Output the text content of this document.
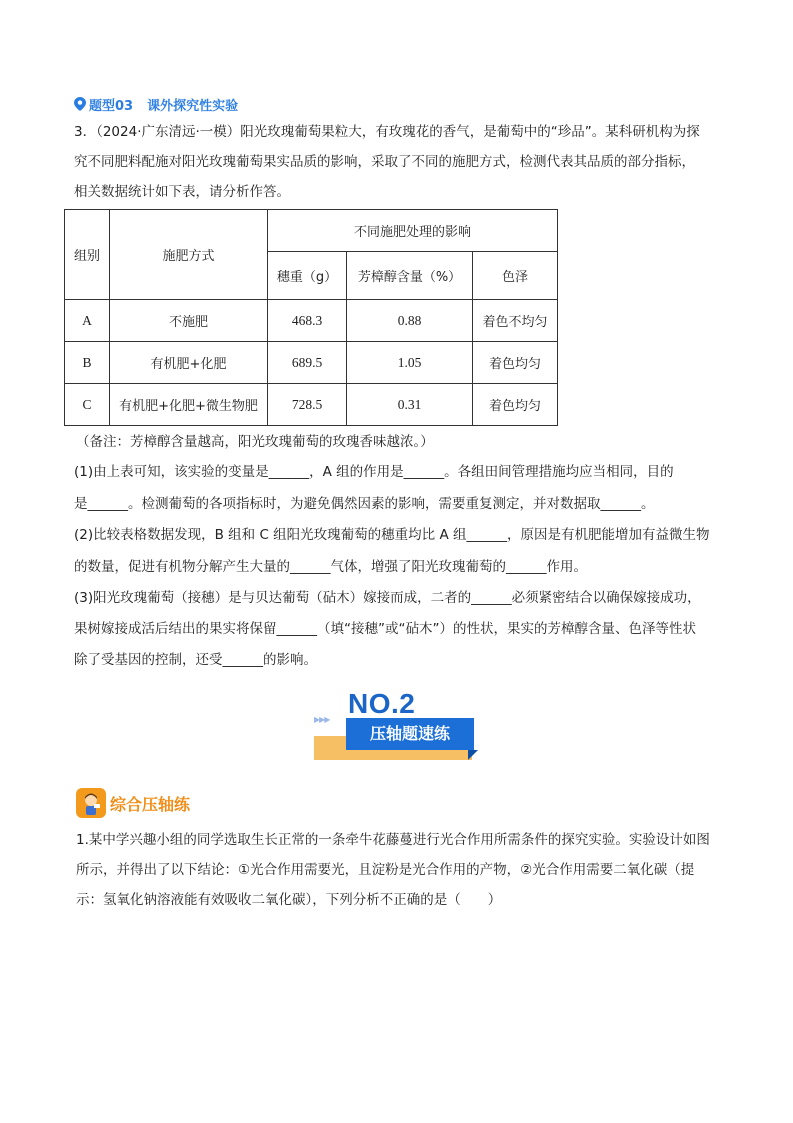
题型03 课外探究性实验
3．（2024·广东清远·一模）阳光玫瑰葡萄果粒大，有玫瑰花的香气，是葡萄中的“珍品”。某科研机构为探
究不同肥料配施对阳光玫瑰葡萄果实品质的影响，采取了不同的施肥方式，检测代表其品质的部分指标，
相关数据统计如下表，请分析作答。
组别	施肥方式	不同施肥处理的影响		
		穗重（g）	芳樟醇含量（%）	色泽
A	不施肥	468.3	0.88	着色不均匀
B	有机肥+化肥	689.5	1.05	着色均匀
C	有机肥+化肥+微生物肥	728.5	0.31	着色均匀
（备注：芳樟醇含量越高，阳光玫瑰葡萄的玫瑰香味越浓。）
(1)由上表可知，该实验的变量是______，A 组的作用是______。各组田间管理措施均应当相同，目的
是______。检测葡萄的各项指标时，为避免偶然因素的影响，需要重复测定，并对数据取______。
(2)比较表格数据发现，B 组和 C 组阳光玫瑰葡萄的穗重均比 A 组______，原因是有机肥能增加有益微生物
的数量，促进有机物分解产生大量的______气体，增强了阳光玫瑰葡萄的______作用。
(3)阳光玫瑰葡萄（接穗）是与贝达葡萄（砧木）嫁接而成，二者的______必须紧密结合以确保嫁接成功，
果树嫁接成活后结出的果实将保留______（填“接穗”或“砧木”）的性状，果实的芳樟醇含量、色泽等性状
除了受基因的控制，还受______的影响。
▶▶▶
NO.2
压轴题速练
综合压轴练
1.某中学兴趣小组的同学选取生长正常的一条牵牛花藤蔓进行光合作用所需条件的探究实验。实验设计如图
所示，并得出了以下结论：①光合作用需要光，且淀粉是光合作用的产物，②光合作用需要二氧化碳（提
示：氢氧化钠溶液能有效吸收二氧化碳），下列分析不正确的是（　　）
